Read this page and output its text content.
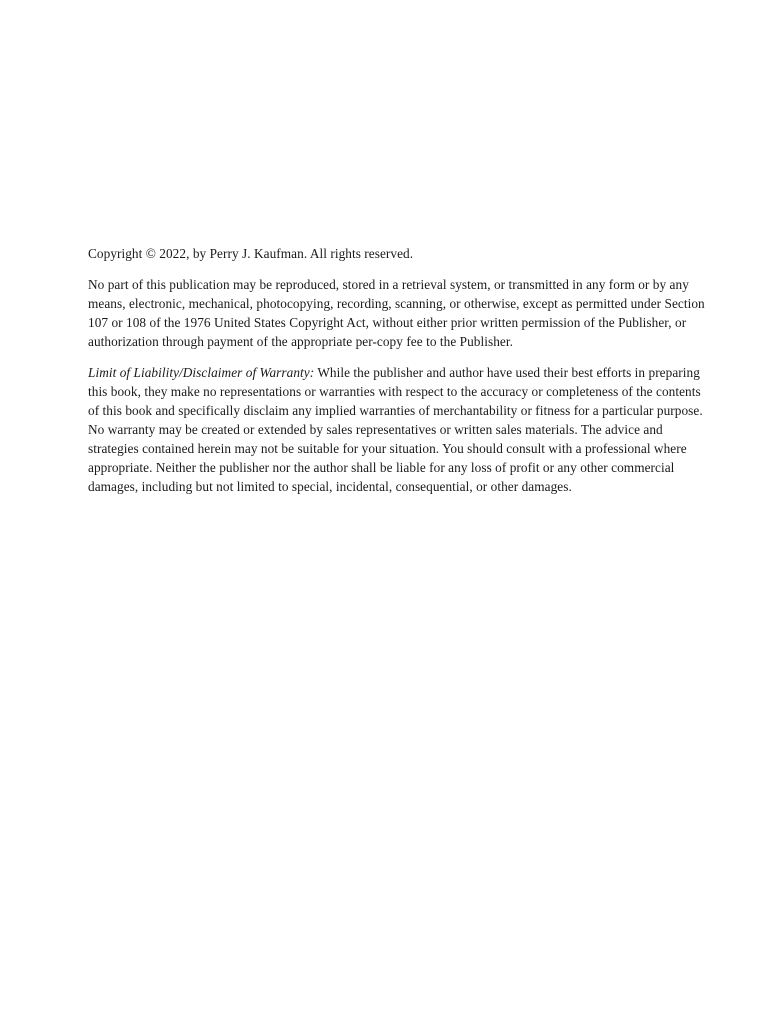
Copyright © 2022, by Perry J. Kaufman. All rights reserved.

No part of this publication may be reproduced, stored in a retrieval system, or transmitted in any form or by any means, electronic, mechanical, photocopying, recording, scanning, or otherwise, except as permitted under Section 107 or 108 of the 1976 United States Copyright Act, without either prior written permission of the Publisher, or authorization through payment of the appropriate per-copy fee to the Publisher.

Limit of Liability/Disclaimer of Warranty: While the publisher and author have used their best efforts in preparing this book, they make no representations or warranties with respect to the accuracy or completeness of the contents of this book and specifically disclaim any implied warranties of merchantability or fitness for a particular purpose. No warranty may be created or extended by sales representatives or written sales materials. The advice and strategies contained herein may not be suitable for your situation. You should consult with a professional where appropriate. Neither the publisher nor the author shall be liable for any loss of profit or any other commercial damages, including but not limited to special, incidental, consequential, or other damages.
